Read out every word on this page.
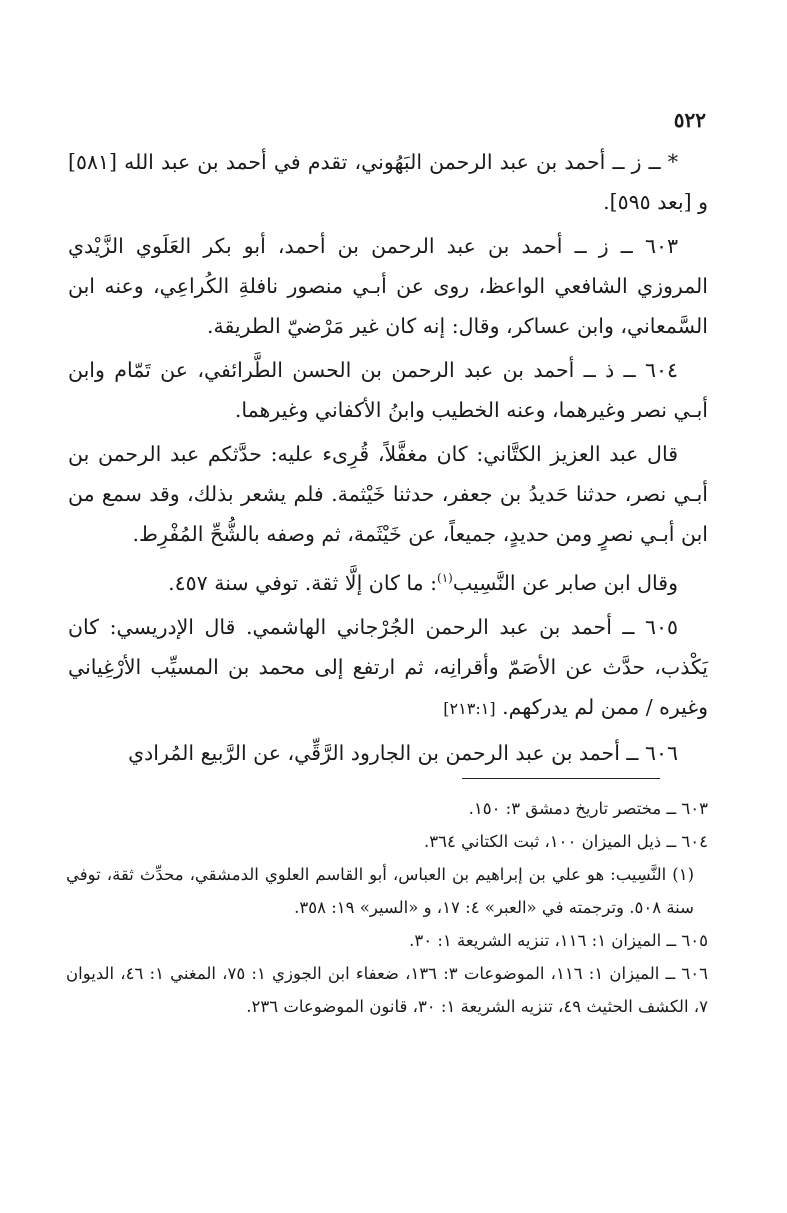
٥٢٢

* ــ ز ــ أحمد بن عبد الرحمن البَهُوني، تقدم في أحمد بن عبد الله [٥٨١] و [بعد ٥٩٥].

٦٠٣ ــ ز ــ أحمد بن عبد الرحمن بن أحمد، أبو بكر العَلَوي الزَّيْدي المروزي الشافعي الواعظ، روى عن أبـي منصور نافلةِ الكُراعِي، وعنه ابن السَّمعاني، وابن عساكر، وقال: إنه كان غير مَرْضيّ الطريقة.

٦٠٤ ــ ذ ــ أحمد بن عبد الرحمن بن الحسن الطَّرائفي، عن تَمّام وابن أبـي نصر وغيرهما، وعنه الخطيب وابنُ الأكفاني وغيرهما.

قال عبد العزيز الكتَّاني: كان مغفَّلاً، قُرِىء عليه: حدَّثكم عبد الرحمن بن أبـي نصر، حدثنا حَديدُ بن جعفر، حدثنا خَيْثمة. فلم يشعر بذلك، وقد سمع من ابن أبـي نصرٍ ومن حديدٍ، جميعاً، عن خَيْثَمة، ثم وصفه بالشُّحِّ المُفْرِط.

وقال ابن صابر عن النَّسِيب$^{(١)}$: ما كان إلَّا ثقة. توفي سنة ٤٥٧.

٦٠٥ ــ أحمد بن عبد الرحمن الجُرْجاني الهاشمي. قال الإدريسي: كان يَكْذب، حدَّث عن الأصَمّ وأقرانِه، ثم ارتفع إلى محمد بن المسيِّب الأرْغِياني وغيره / ممن لم يدركهم. [٢١٣:١]

٦٠٦ ــ أحمد بن عبد الرحمن بن الجارود الرَّقِّي، عن الرَّبيع المُرادي

٦٠٣ ــ مختصر تاريخ دمشق ٣: ١٥٠.

٦٠٤ ــ ذيل الميزان ١٠٠، ثبت الكتاني ٣٦٤.

(١) النَّسِيب: هو علي بن إبراهيم بن العباس، أبو القاسم العلوي الدمشقي، محدِّث ثقة، توفي سنة ٥٠٨. وترجمته في «العبر» ٤: ١٧، و «السير» ١٩: ٣٥٨.

٦٠٥ ــ الميزان ١: ١١٦، تنزيه الشريعة ١: ٣٠.

٦٠٦ ــ الميزان ١: ١١٦، الموضوعات ٣: ١٣٦، ضعفاء ابن الجوزي ١: ٧٥، المغني ١: ٤٦، الديوان ٧، الكشف الحثيث ٤٩، تنزيه الشريعة ١: ٣٠، قانون الموضوعات ٢٣٦.
